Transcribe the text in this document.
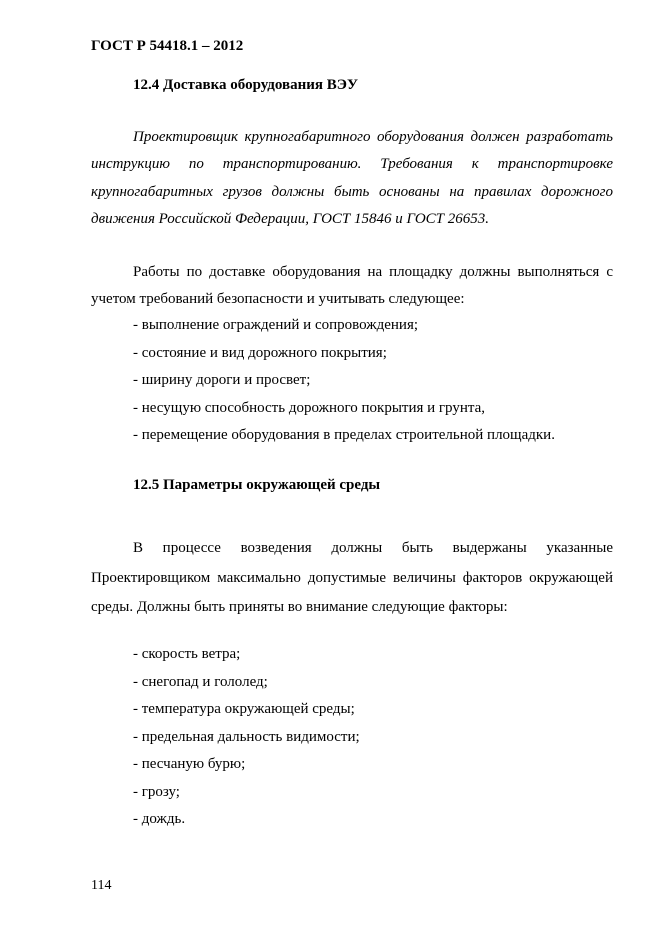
ГОСТ Р 54418.1 – 2012

12.4 Доставка оборудования ВЭУ

Проектировщик крупногабаритного оборудования должен разработать инструкцию по транспортированию. Требования к транспортировке крупногабаритных грузов должны быть основаны на правилах дорожного движения Российской Федерации, ГОСТ 15846 и ГОСТ 26653.

Работы по доставке оборудования на площадку должны выполняться с учетом требований безопасности и учитывать следующее:

- выполнение ограждений и сопровождения;
- состояние и вид дорожного покрытия;
- ширину дороги и просвет;
- несущую способность дорожного покрытия и грунта,
- перемещение оборудования в пределах строительной площадки.

12.5 Параметры окружающей среды

В процессе возведения должны быть выдержаны указанные Проектировщиком максимально допустимые величины факторов окружающей среды. Должны быть приняты во внимание следующие факторы:

- скорость ветра;
- снегопад и гололед;
- температура окружающей среды;
- предельная дальность видимости;
- песчаную бурю;
- грозу;
- дождь.

114
